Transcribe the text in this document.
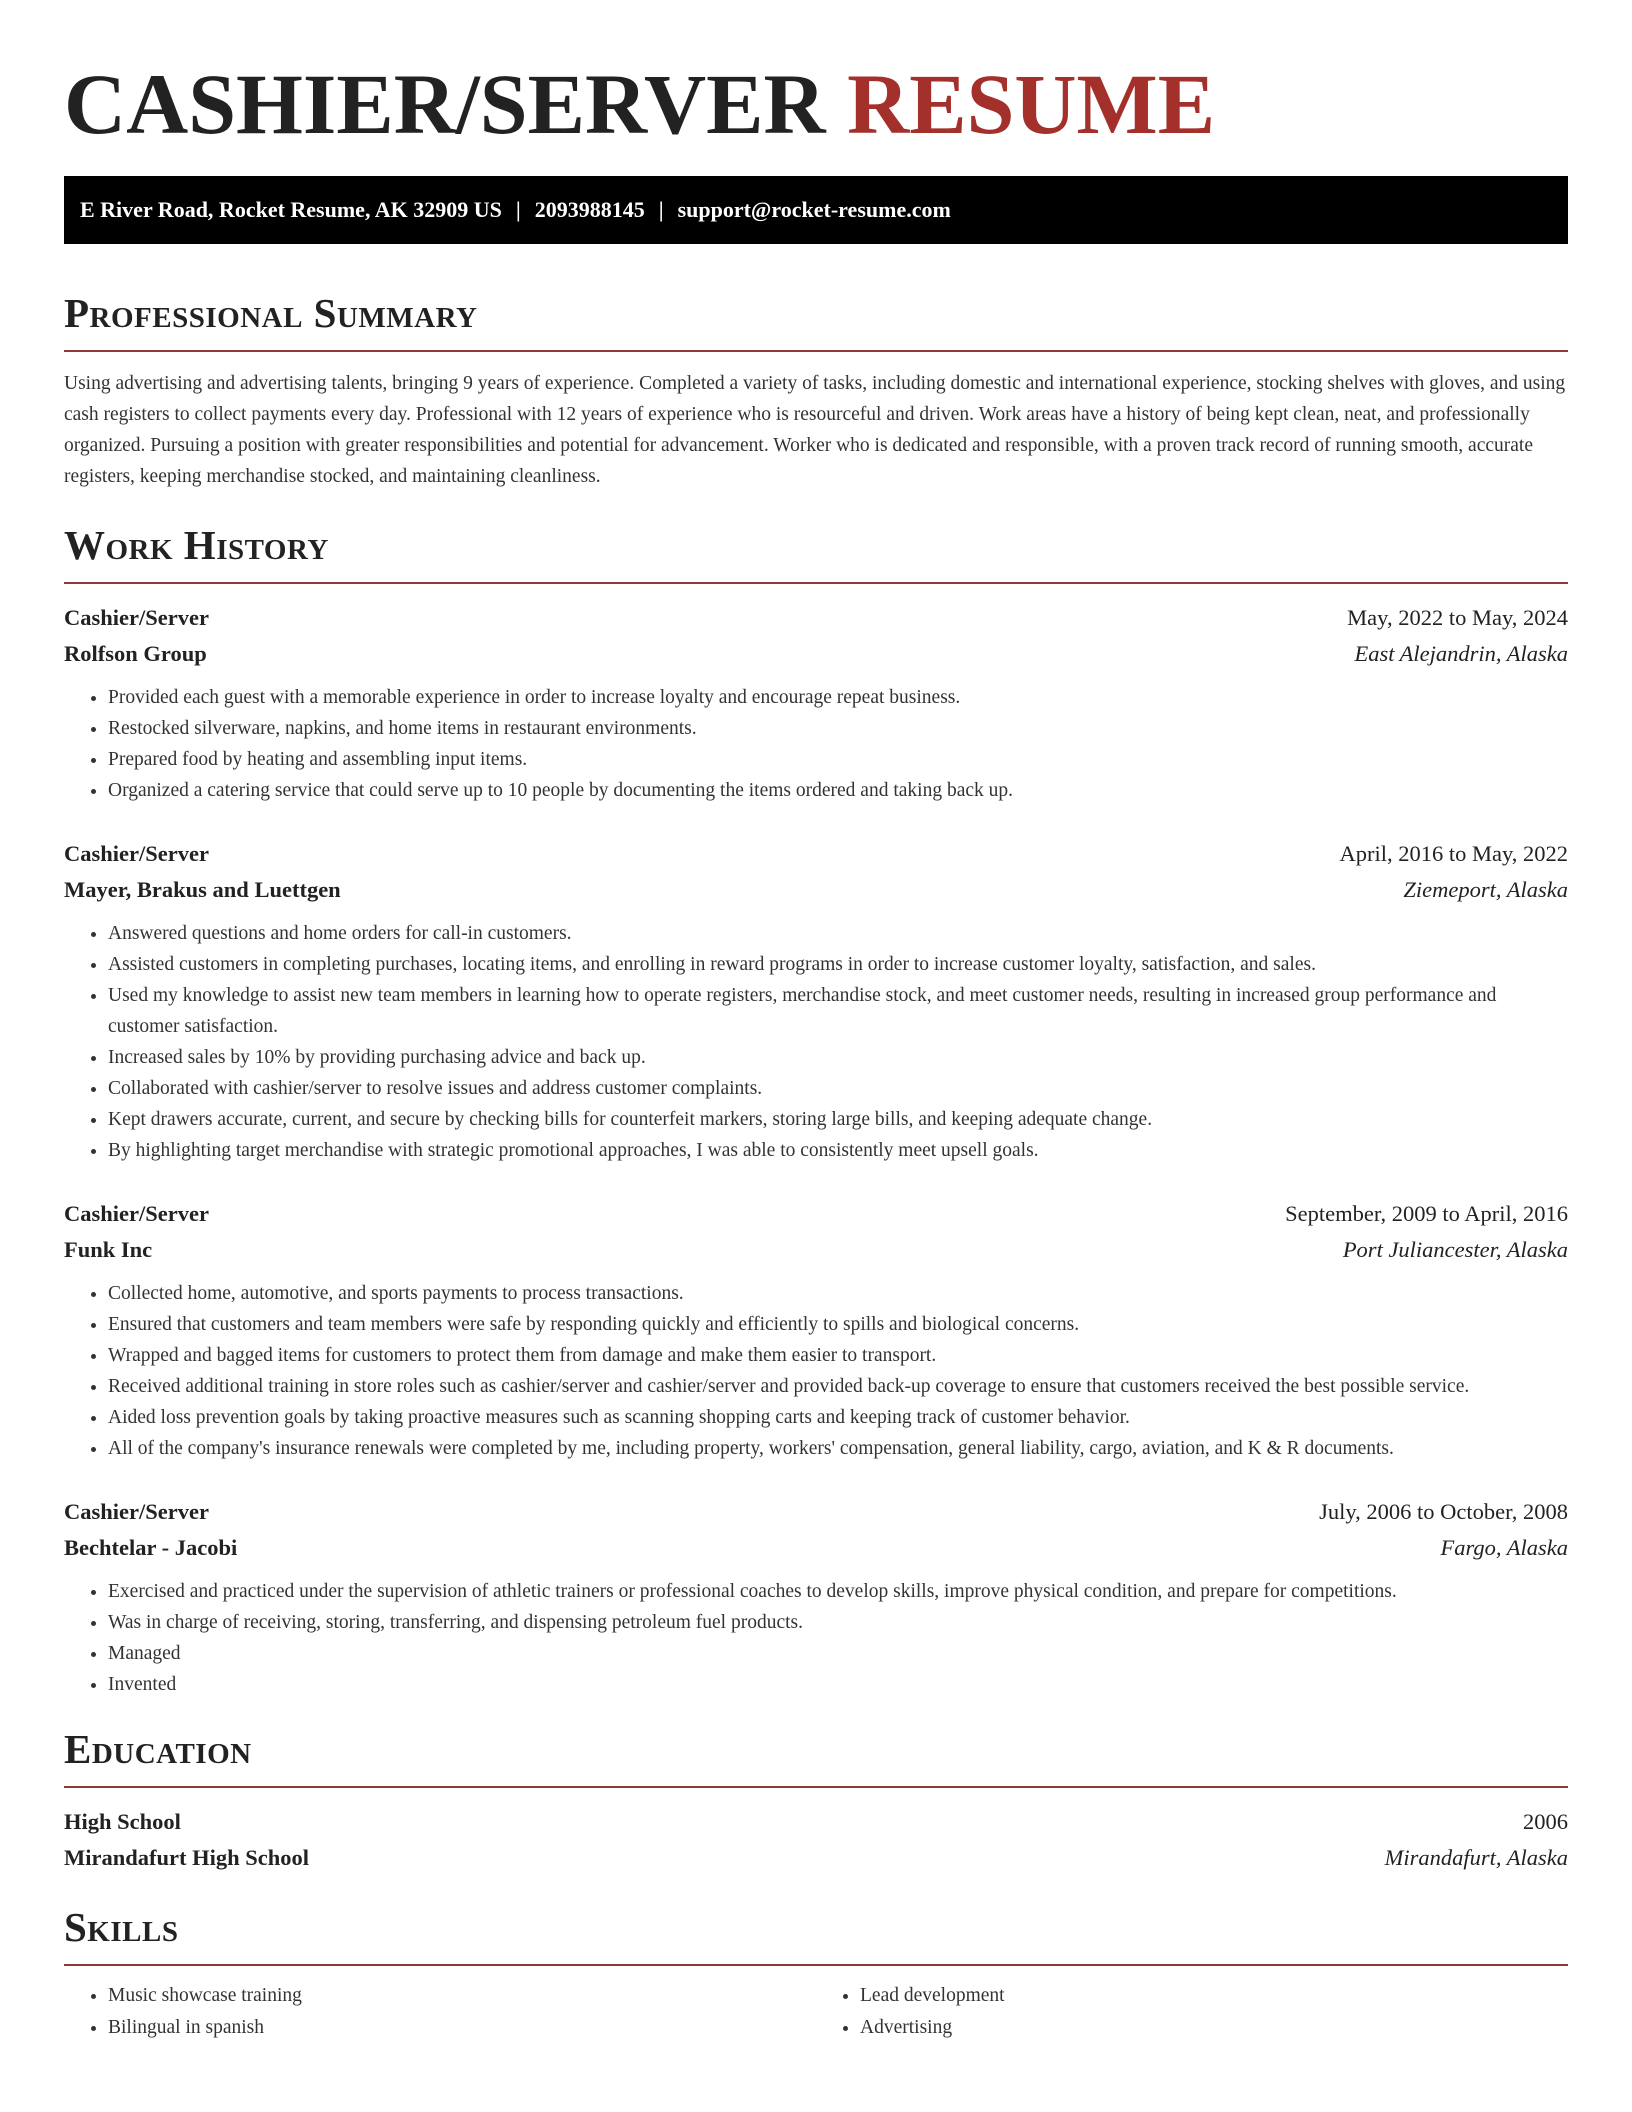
CASHIER/SERVER RESUME
E River Road, Rocket Resume, AK 32909 US | 2093988145 | support@rocket-resume.com
Professional Summary

Using advertising and advertising talents, bringing 9 years of experience. Completed a variety of tasks, including domestic and international experience, stocking shelves with gloves, and using cash registers to collect payments every day. Professional with 12 years of experience who is resourceful and driven. Work areas have a history of being kept clean, neat, and professionally organized. Pursuing a position with greater responsibilities and potential for advancement. Worker who is dedicated and responsible, with a proven track record of running smooth, accurate registers, keeping merchandise stocked, and maintaining cleanliness.

Work History
Cashier/Server	May, 2022 to May, 2024
Rolfson Group	East Alejandrin, Alaska
• Provided each guest with a memorable experience in order to increase loyalty and encourage repeat business.
• Restocked silverware, napkins, and home items in restaurant environments.
• Prepared food by heating and assembling input items.
• Organized a catering service that could serve up to 10 people by documenting the items ordered and taking back up.
Cashier/Server	April, 2016 to May, 2022
Mayer, Brakus and Luettgen	Ziemeport, Alaska
• Answered questions and home orders for call-in customers.
• Assisted customers in completing purchases, locating items, and enrolling in reward programs in order to increase customer loyalty, satisfaction, and sales.
• Used my knowledge to assist new team members in learning how to operate registers, merchandise stock, and meet customer needs, resulting in increased group performance and customer satisfaction.
• Increased sales by 10% by providing purchasing advice and back up.
• Collaborated with cashier/server to resolve issues and address customer complaints.
• Kept drawers accurate, current, and secure by checking bills for counterfeit markers, storing large bills, and keeping adequate change.
• By highlighting target merchandise with strategic promotional approaches, I was able to consistently meet upsell goals.
Cashier/Server	September, 2009 to April, 2016
Funk Inc	Port Juliancester, Alaska
• Collected home, automotive, and sports payments to process transactions.
• Ensured that customers and team members were safe by responding quickly and efficiently to spills and biological concerns.
• Wrapped and bagged items for customers to protect them from damage and make them easier to transport.
• Received additional training in store roles such as cashier/server and cashier/server and provided back-up coverage to ensure that customers received the best possible service.
• Aided loss prevention goals by taking proactive measures such as scanning shopping carts and keeping track of customer behavior.
• All of the company's insurance renewals were completed by me, including property, workers' compensation, general liability, cargo, aviation, and K & R documents.
Cashier/Server	July, 2006 to October, 2008
Bechtelar - Jacobi	Fargo, Alaska
• Exercised and practiced under the supervision of athletic trainers or professional coaches to develop skills, improve physical condition, and prepare for competitions.
• Was in charge of receiving, storing, transferring, and dispensing petroleum fuel products.
• Managed
• Invented
Education
High School	2006
Mirandafurt High School	Mirandafurt, Alaska
Skills
• Music showcase training
• Bilingual in spanish
• Lead development
• Advertising
